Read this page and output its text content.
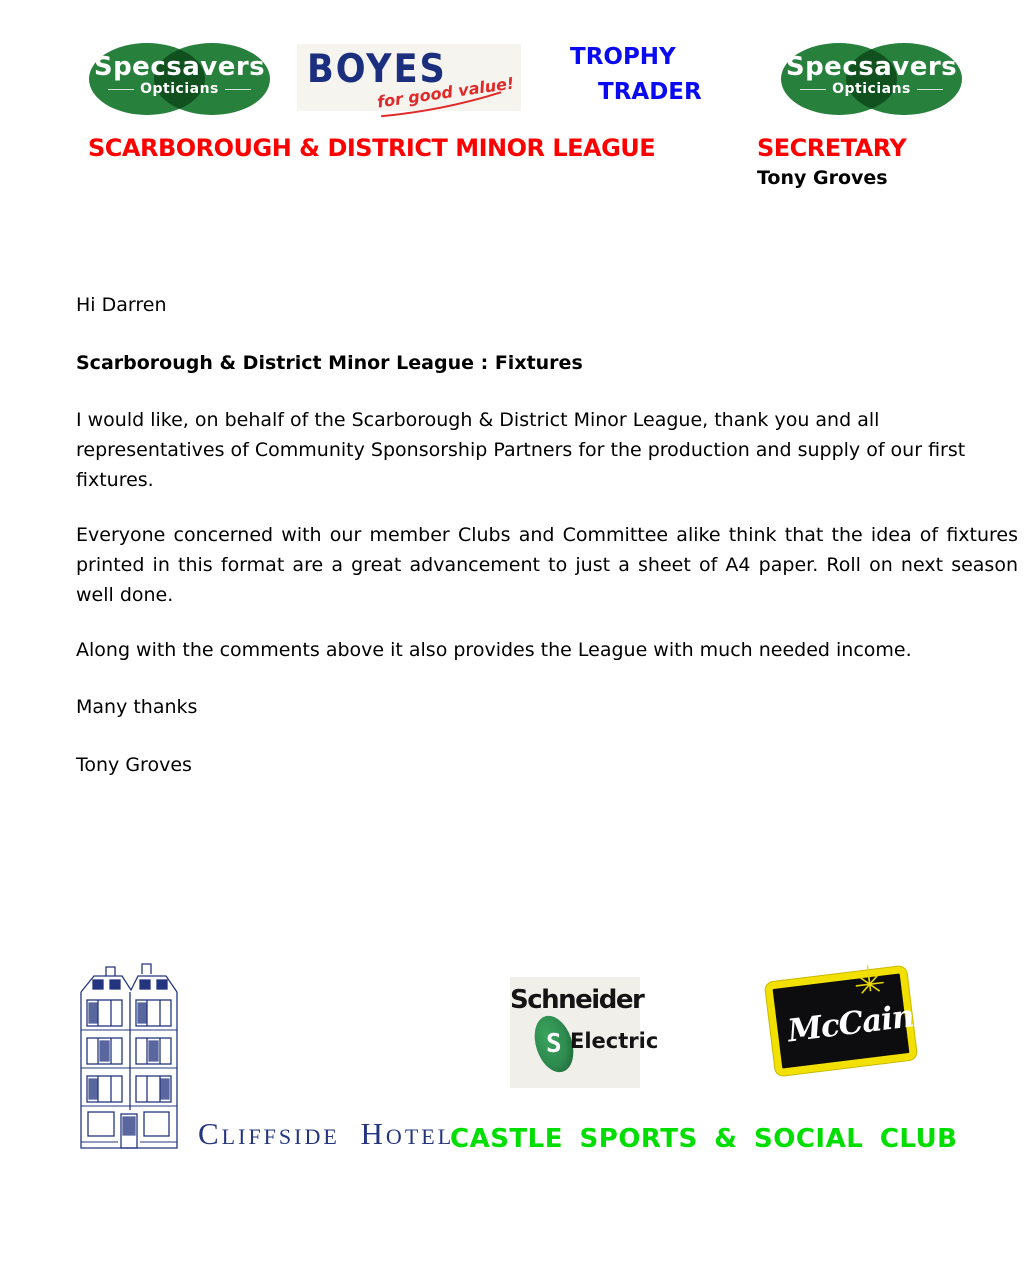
Specsavers
Opticians BOYES
for good value!
TROPHY
TRADER
Specsavers
Opticians
SCARBOROUGH & DISTRICT MINOR LEAGUE	SECRETARY
Tony Groves
Hi Darren
Scarborough & District Minor League : Fixtures
I would like, on behalf of the Scarborough & District Minor League, thank you and all representatives of Community Sponsorship Partners for the production and supply of our first fixtures.
Everyone concerned with our member Clubs and Committee alike think that the idea of fixtures printed in this format are a great advancement to just a sheet of A4 paper. Roll on next season well done.
Along with the comments above it also provides the League with much needed income.
Many thanks
Tony Groves
Cliffside Hotel
Schneider
S Electric	McCain
CASTLE SPORTS & SOCIAL CLUB
